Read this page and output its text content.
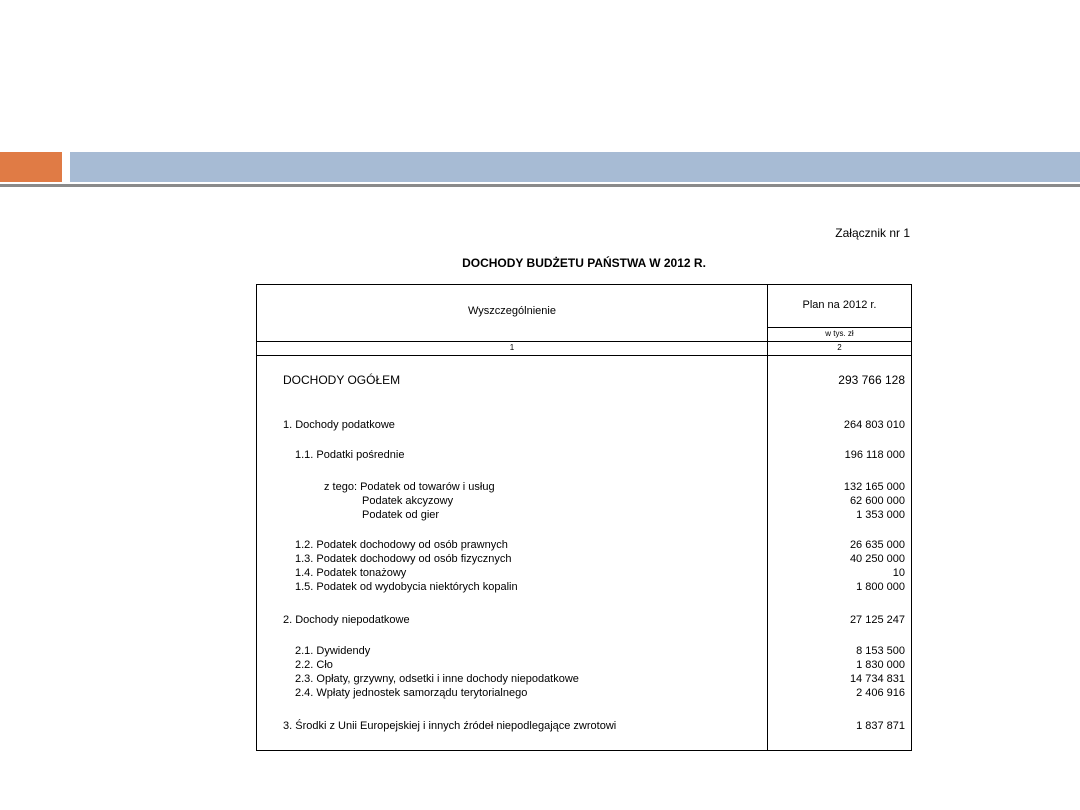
Załącznik nr 1
DOCHODY BUDŻETU PAŃSTWA W 2012 R.
Wyszczególnienie	Plan na 2012 r.
w tys. zł
1	2
DOCHODY OGÓŁEM	293 766 128
1. Dochody podatkowe	264 803 010
1.1. Podatki pośrednie	196 118 000
z tego: Podatek od towarów i usług	132 165 000
Podatek akcyzowy	62 600 000
Podatek od gier	1 353 000
1.2. Podatek dochodowy od osób prawnych	26 635 000
1.3. Podatek dochodowy od osób fizycznych	40 250 000
1.4. Podatek tonażowy	10
1.5. Podatek od wydobycia niektórych kopalin	1 800 000
2. Dochody niepodatkowe	27 125 247
2.1. Dywidendy	8 153 500
2.2. Cło	1 830 000
2.3. Opłaty, grzywny, odsetki i inne dochody niepodatkowe	14 734 831
2.4. Wpłaty jednostek samorządu terytorialnego	2 406 916
3. Środki z Unii Europejskiej i innych źródeł niepodlegające zwrotowi	1 837 871
